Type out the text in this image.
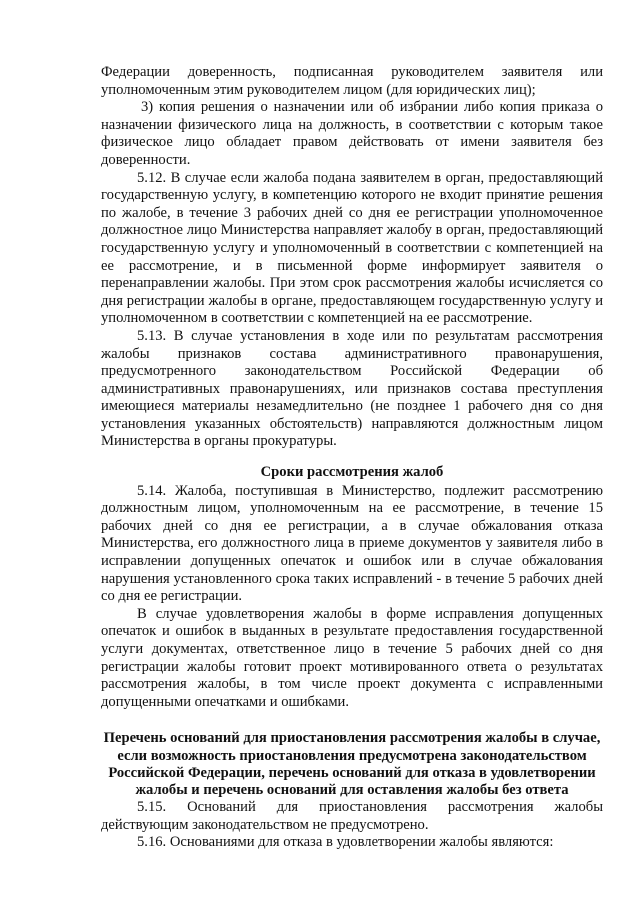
Федерации доверенность, подписанная руководителем заявителя или уполномоченным этим руководителем лицом (для юридических лиц);

3) копия решения о назначении или об избрании либо копия приказа о назначении физического лица на должность, в соответствии с которым такое физическое лицо обладает правом действовать от имени заявителя без доверенности.

5.12. В случае если жалоба подана заявителем в орган, предоставляющий государственную услугу, в компетенцию которого не входит принятие решения по жалобе, в течение 3 рабочих дней со дня ее регистрации уполномоченное должностное лицо Министерства направляет жалобу в орган, предоставляющий государственную услугу и уполномоченный в соответствии с компетенцией на ее рассмотрение, и в письменной форме информирует заявителя о перенаправлении жалобы. При этом срок рассмотрения жалобы исчисляется со дня регистрации жалобы в органе, предоставляющем государственную услугу и уполномоченном в соответствии с компетенцией на ее рассмотрение.

5.13. В случае установления в ходе или по результатам рассмотрения жалобы признаков состава административного правонарушения, предусмотренного законодательством Российской Федерации об административных правонарушениях, или признаков состава преступления имеющиеся материалы незамедлительно (не позднее 1 рабочего дня со дня установления указанных обстоятельств) направляются должностным лицом Министерства в органы прокуратуры.

Сроки рассмотрения жалоб

5.14. Жалоба, поступившая в Министерство, подлежит рассмотрению должностным лицом, уполномоченным на ее рассмотрение, в течение 15 рабочих дней со дня ее регистрации, а в случае обжалования отказа Министерства, его должностного лица в приеме документов у заявителя либо в исправлении допущенных опечаток и ошибок или в случае обжалования нарушения установленного срока таких исправлений - в течение 5 рабочих дней со дня ее регистрации.

В случае удовлетворения жалобы в форме исправления допущенных опечаток и ошибок в выданных в результате предоставления государственной услуги документах, ответственное лицо в течение 5 рабочих дней со дня регистрации жалобы готовит проект мотивированного ответа о результатах рассмотрения жалобы, в том числе проект документа с исправленными допущенными опечатками и ошибками.

Перечень оснований для приостановления рассмотрения жалобы в случае, если возможность приостановления предусмотрена законодательством Российской Федерации, перечень оснований для отказа в удовлетворении жалобы и перечень оснований для оставления жалобы без ответа

5.15. Оснований для приостановления рассмотрения жалобы действующим законодательством не предусмотрено.

5.16. Основаниями для отказа в удовлетворении жалобы являются:
